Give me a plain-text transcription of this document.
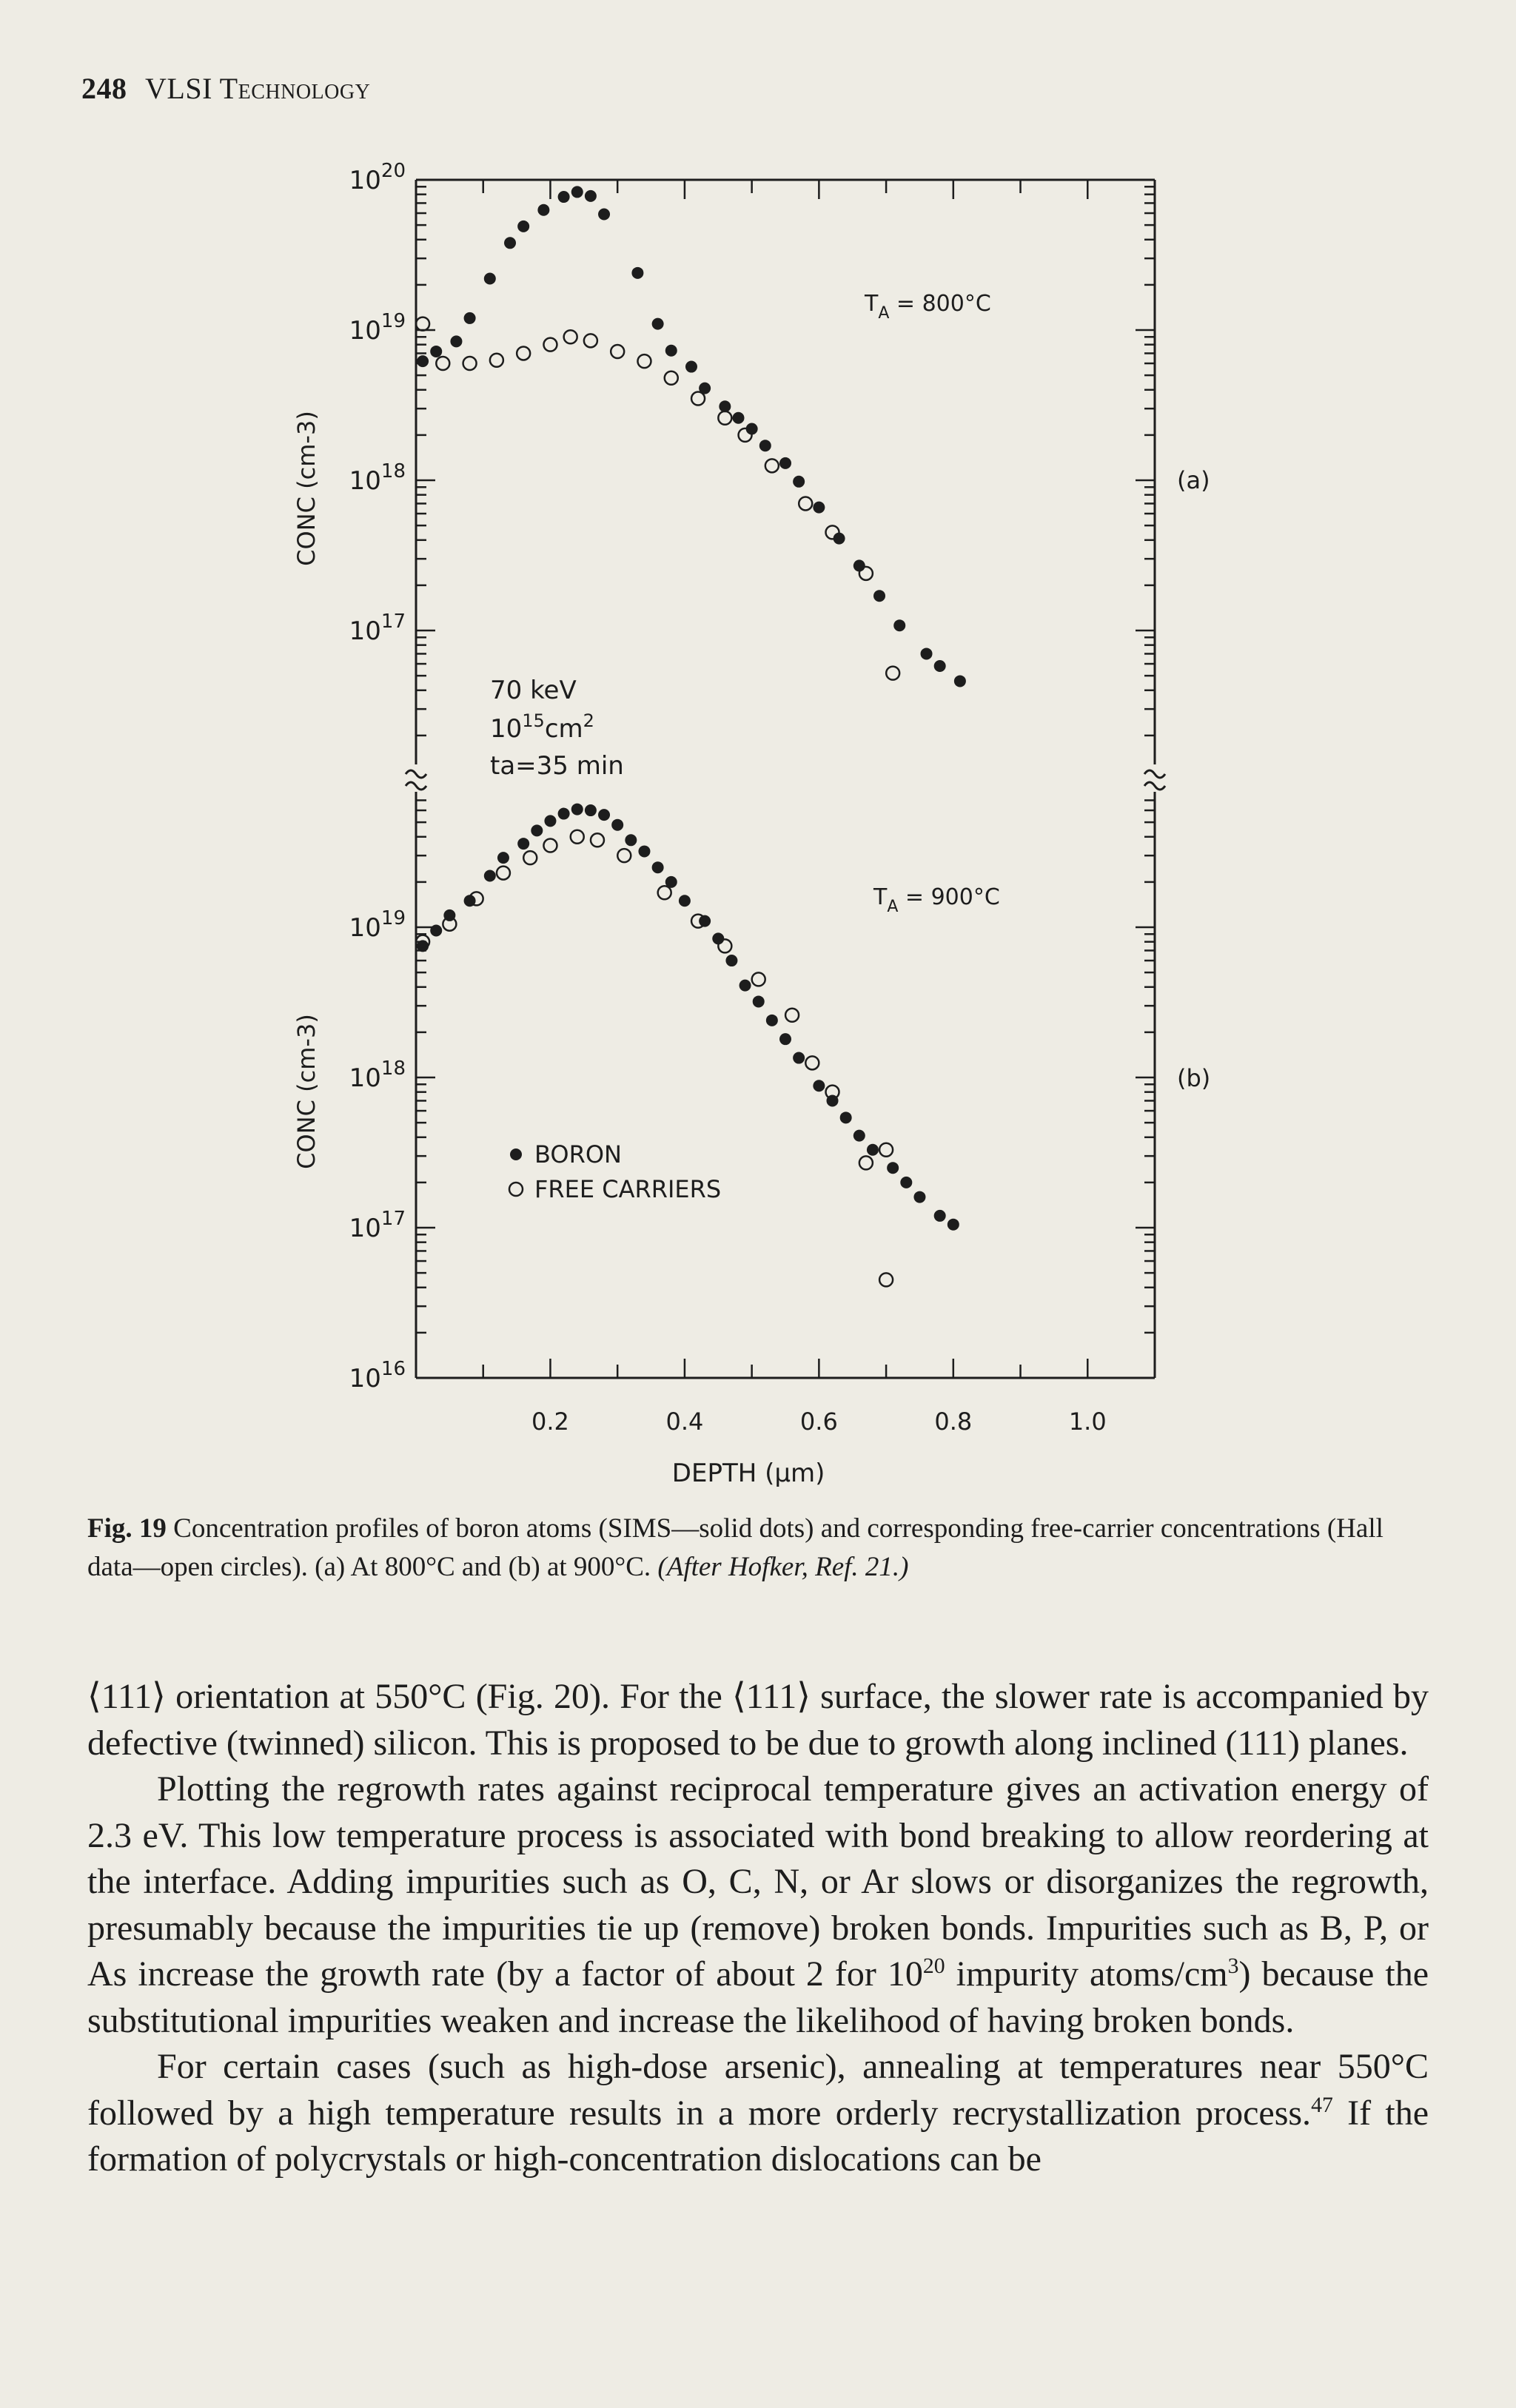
248 VLSI Technology
$10^{20}$
$10^{19}$
$10^{18}$
$10^{17}$
$10^{19}$
$10^{18}$
$10^{17}$
$10^{16}$
0.2	0.4	0.6	0.8	1.0
DEPTH (μm)
CONC (cm-3)
CONC (cm-3)
(a)
(b)
$T_A = 800^\circ C$
$T_A = 900^\circ C$
70 keV
$10^{15}cm^2$
ta=35 min
BORON
FREE CARRIERS
Fig. 19 Concentration profiles of boron atoms (SIMS—solid dots) and corresponding free-carrier concentrations (Hall data—open circles). (a) At 800°C and (b) at 900°C. (After Hofker, Ref. 21.)

⟨111⟩ orientation at 550°C (Fig. 20). For the ⟨111⟩ surface, the slower rate is accompanied by defective (twinned) silicon. This is proposed to be due to growth along inclined (111) planes.

Plotting the regrowth rates against reciprocal temperature gives an activation energy of 2.3 eV. This low temperature process is associated with bond breaking to allow reordering at the interface. Adding impurities such as O, C, N, or Ar slows or disorganizes the regrowth, presumably because the impurities tie up (remove) broken bonds. Impurities such as B, P, or As increase the growth rate (by a factor of about 2 for $10^{20}$ impurity atoms/$cm^3$) because the substitutional impurities weaken and increase the likelihood of having broken bonds.

For certain cases (such as high-dose arsenic), annealing at temperatures near 550°C followed by a high temperature results in a more orderly recrystallization process.$^{47}$ If the formation of polycrystals or high-concentration dislocations can be
